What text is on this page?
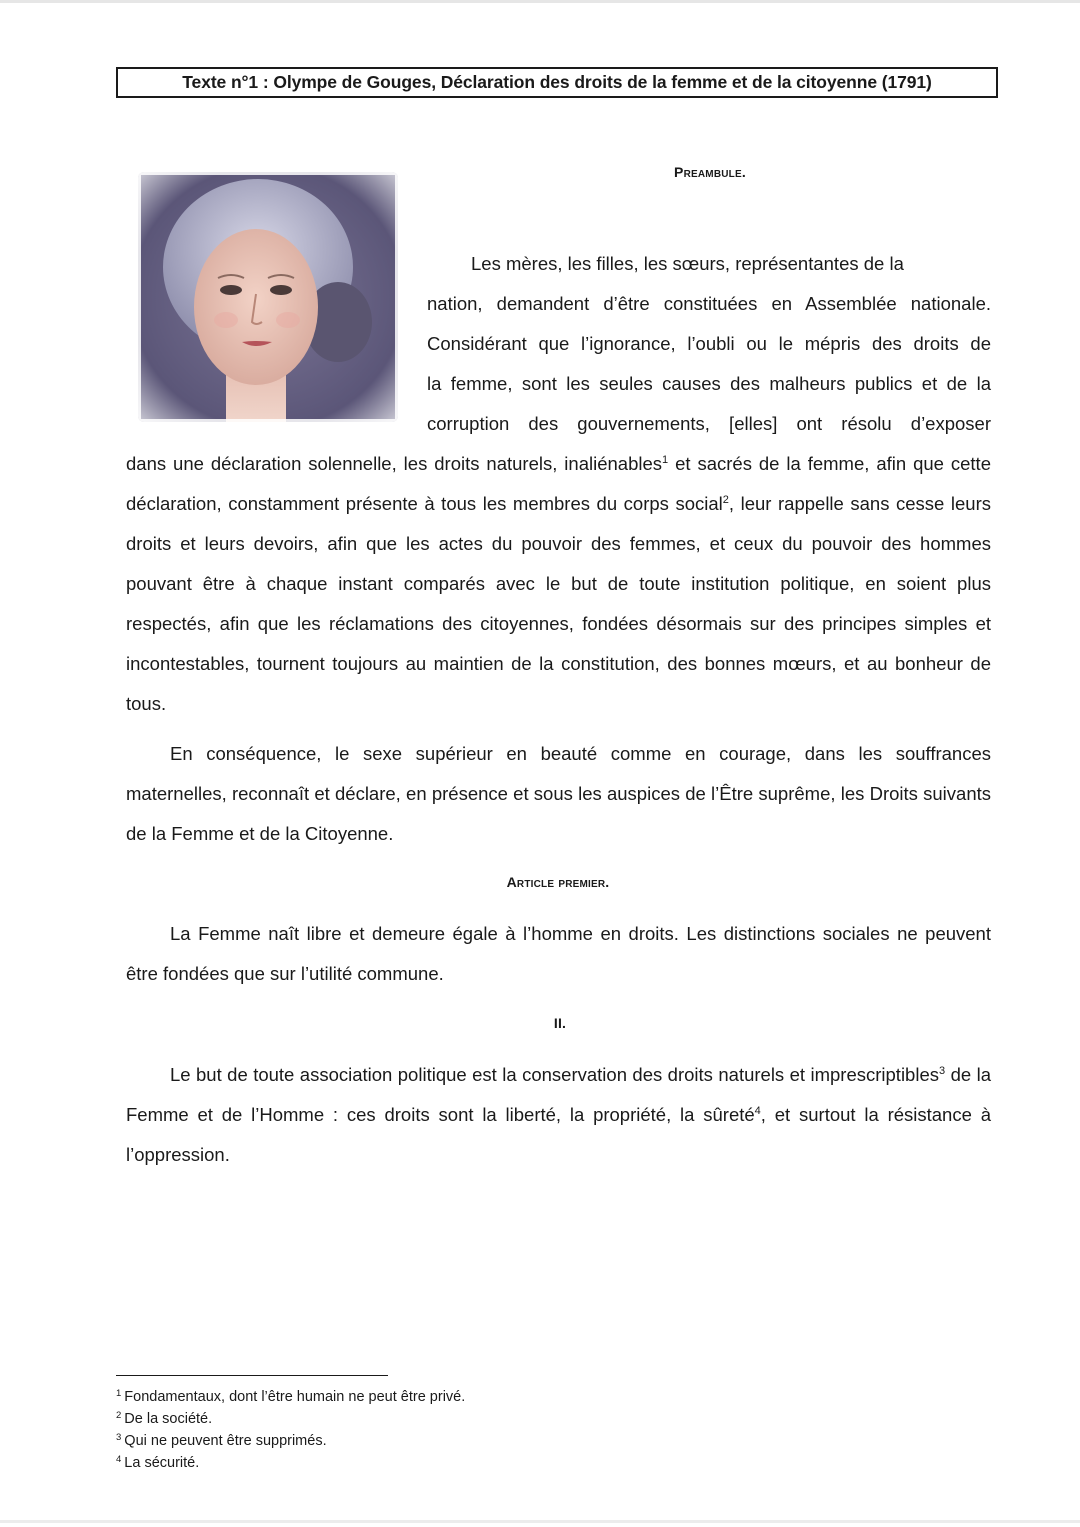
Texte n°1 : Olympe de Gouges, Déclaration des droits de la femme et de la citoyenne (1791)
Preambule.

Les mères, les filles, les sœurs, représentantes de la

nation, demandent d’être constituées en Assemblée nationale.

Considérant que l’ignorance, l’oubli ou le mépris des droits de

la femme, sont les seules causes des malheurs publics et de la

corruption des gouvernements, [elles] ont résolu d’exposer

dans une déclaration solennelle, les droits naturels, inaliénables$^1$ et sacrés de la femme, afin que cette déclaration, constamment présente à tous les membres du corps social$^2$, leur rappelle sans cesse leurs droits et leurs devoirs, afin que les actes du pouvoir des femmes, et ceux du pouvoir des hommes pouvant être à chaque instant comparés avec le but de toute institution politique, en soient plus respectés, afin que les réclamations des citoyennes, fondées désormais sur des principes simples et incontestables, tournent toujours au maintien de la constitution, des bonnes mœurs, et au bonheur de tous.

En conséquence, le sexe supérieur en beauté comme en courage, dans les souffrances maternelles, reconnaît et déclare, en présence et sous les auspices de l’Être suprême, les Droits suivants de la Femme et de la Citoyenne.

Article premier.

La Femme naît libre et demeure égale à l’homme en droits. Les distinctions sociales ne peuvent être fondées que sur l’utilité commune.

II.

Le but de toute association politique est la conservation des droits naturels et imprescriptibles$^3$ de la Femme et de l’Homme : ces droits sont la liberté, la propriété, la sûreté$^4$, et surtout la résistance à l’oppression.

$^1$ Fondamentaux, dont l’être humain ne peut être privé.
$^2$ De la société.
$^3$ Qui ne peuvent être supprimés.
$^4$ La sécurité.
